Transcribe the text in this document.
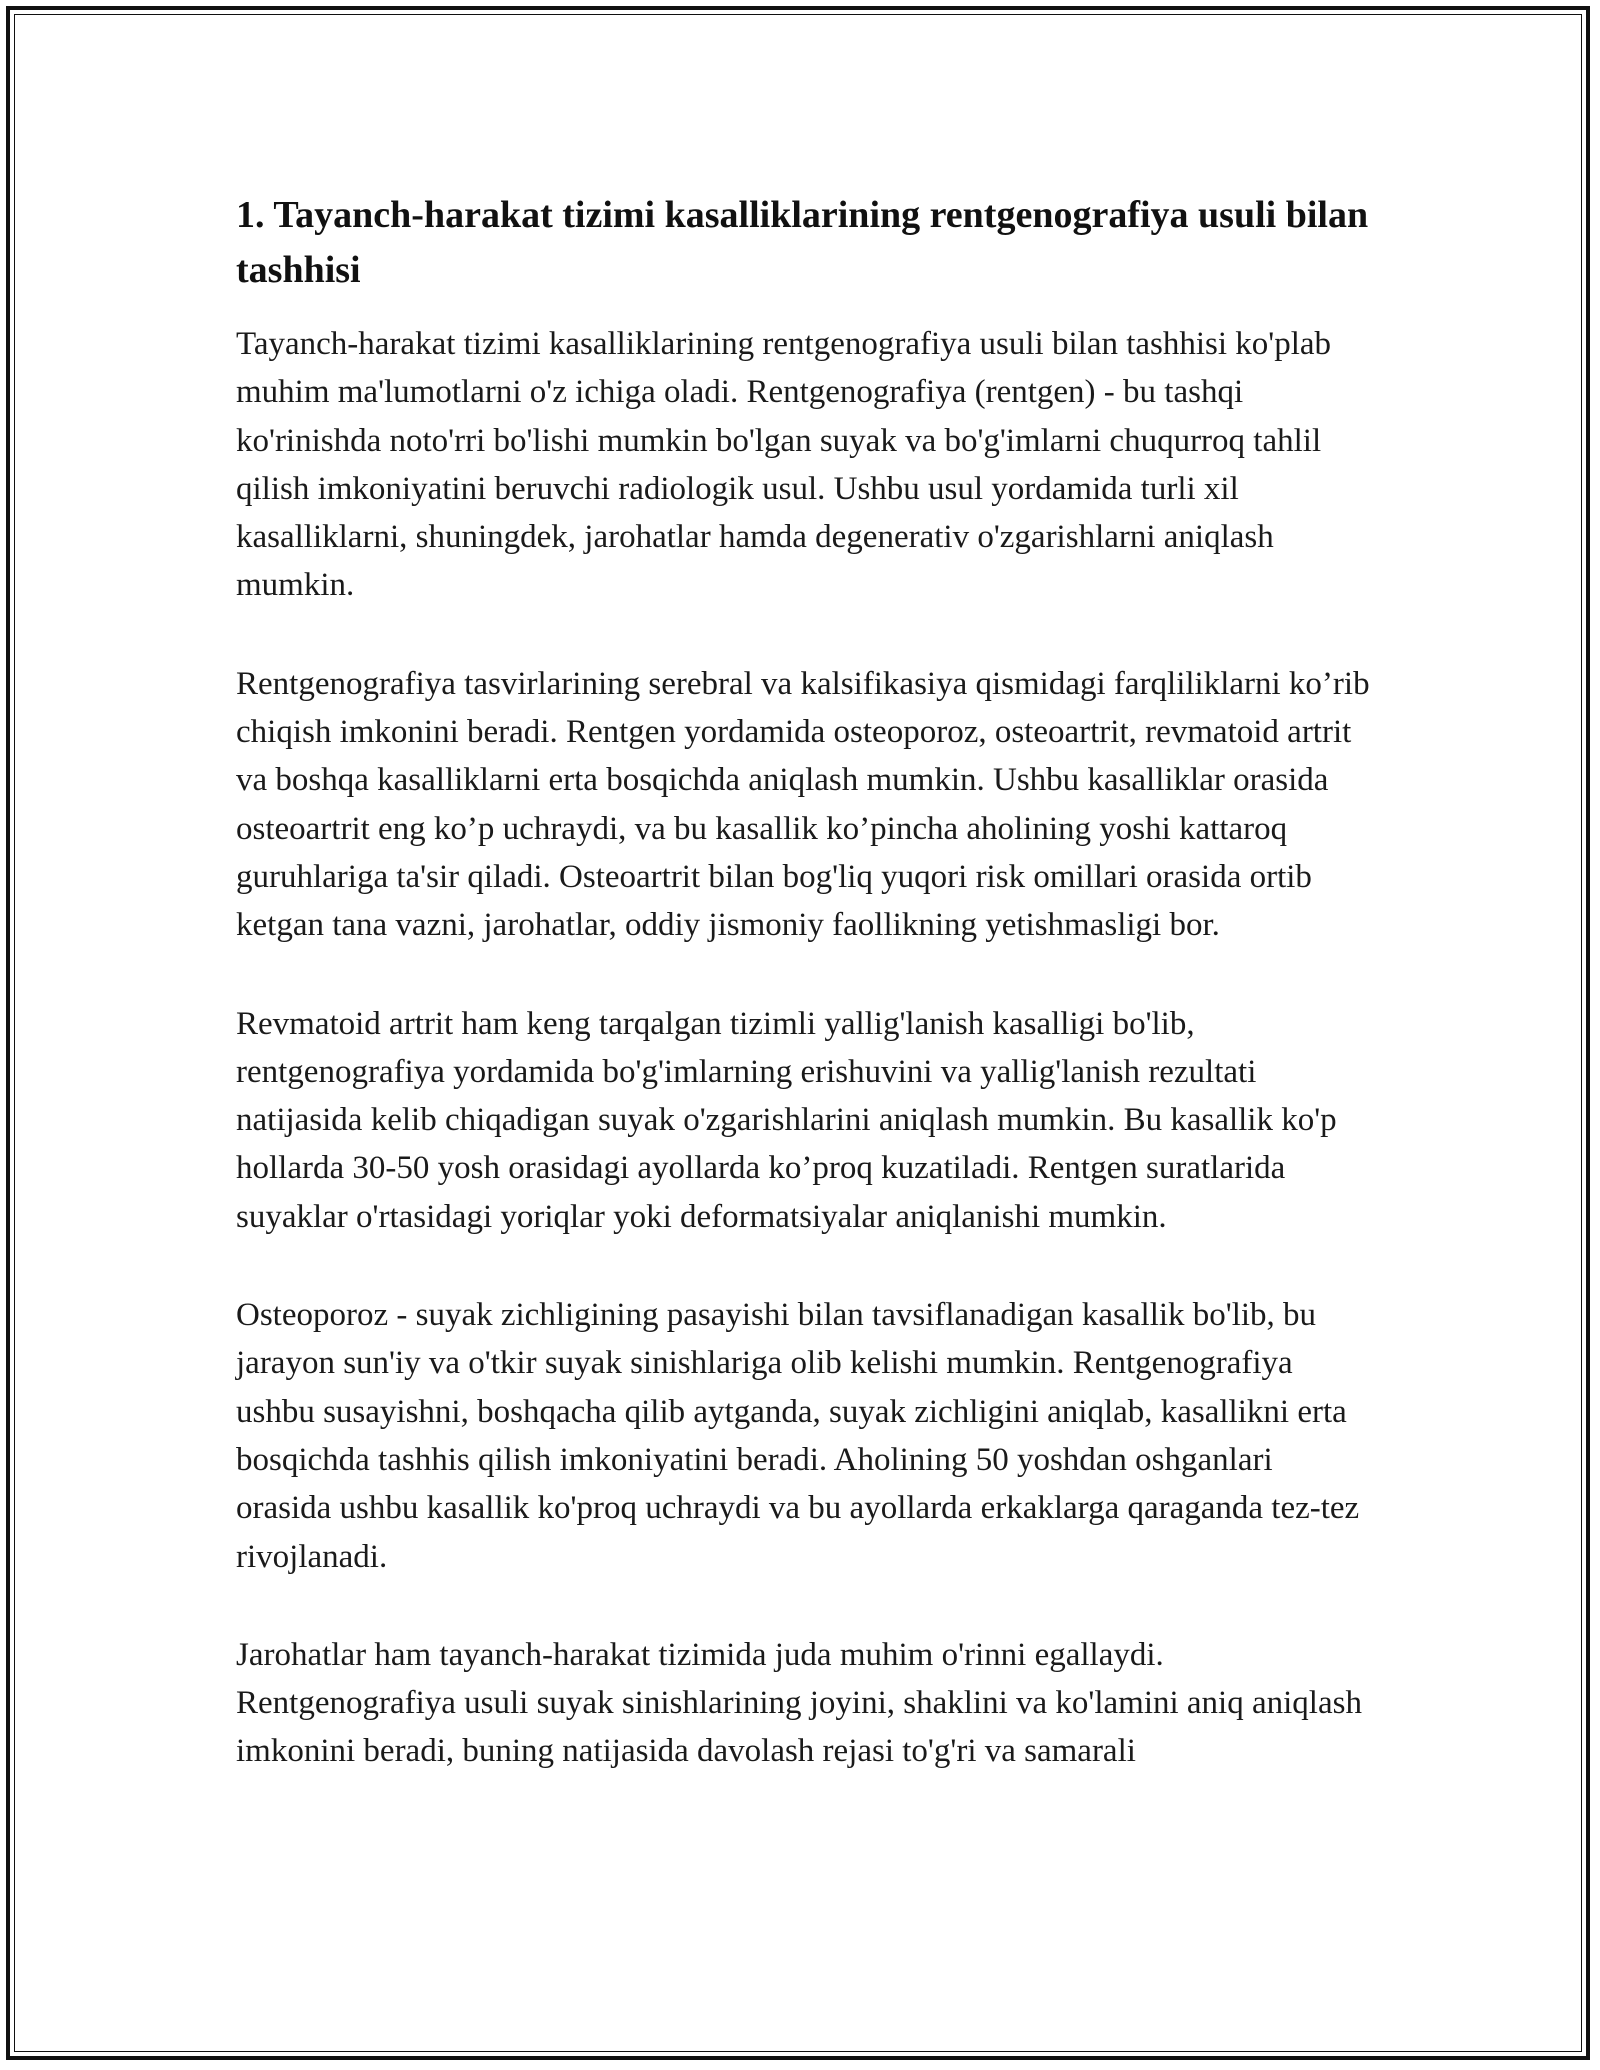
1. Tayanch-harakat tizimi kasalliklarining rentgenografiya usuli bilan tashhisi

Tayanch-harakat tizimi kasalliklarining rentgenografiya usuli bilan tashhisi ko'plab muhim ma'lumotlarni o'z ichiga oladi. Rentgenografiya (rentgen) - bu tashqi ko'rinishda noto'rri bo'lishi mumkin bo'lgan suyak va bo'g'imlarni chuqurroq tahlil qilish imkoniyatini beruvchi radiologik usul. Ushbu usul yordamida turli xil kasalliklarni, shuningdek, jarohatlar hamda degenerativ o'zgarishlarni aniqlash mumkin.

Rentgenografiya tasvirlarining serebral va kalsifikasiya qismidagi farqliliklarni ko’rib chiqish imkonini beradi. Rentgen yordamida osteoporoz, osteoartrit, revmatoid artrit va boshqa kasalliklarni erta bosqichda aniqlash mumkin. Ushbu kasalliklar orasida osteoartrit eng ko’p uchraydi, va bu kasallik ko’pincha aholining yoshi kattaroq guruhlariga ta'sir qiladi. Osteoartrit bilan bog'liq yuqori risk omillari orasida ortib ketgan tana vazni, jarohatlar, oddiy jismoniy faollikning yetishmasligi bor.

Revmatoid artrit ham keng tarqalgan tizimli yallig'lanish kasalligi bo'lib, rentgenografiya yordamida bo'g'imlarning erishuvini va yallig'lanish rezultati natijasida kelib chiqadigan suyak o'zgarishlarini aniqlash mumkin. Bu kasallik ko'p hollarda 30-50 yosh orasidagi ayollarda ko’proq kuzatiladi. Rentgen suratlarida suyaklar o'rtasidagi yoriqlar yoki deformatsiyalar aniqlanishi mumkin.

Osteoporoz - suyak zichligining pasayishi bilan tavsiflanadigan kasallik bo'lib, bu jarayon sun'iy va o'tkir suyak sinishlariga olib kelishi mumkin. Rentgenografiya ushbu susayishni, boshqacha qilib aytganda, suyak zichligini aniqlab, kasallikni erta bosqichda tashhis qilish imkoniyatini beradi. Aholining 50 yoshdan oshganlari orasida ushbu kasallik ko'proq uchraydi va bu ayollarda erkaklarga qaraganda tez-tez rivojlanadi.

Jarohatlar ham tayanch-harakat tizimida juda muhim o'rinni egallaydi. Rentgenografiya usuli suyak sinishlarining joyini, shaklini va ko'lamini aniq aniqlash imkonini beradi, buning natijasida davolash rejasi to'g'ri va samarali
